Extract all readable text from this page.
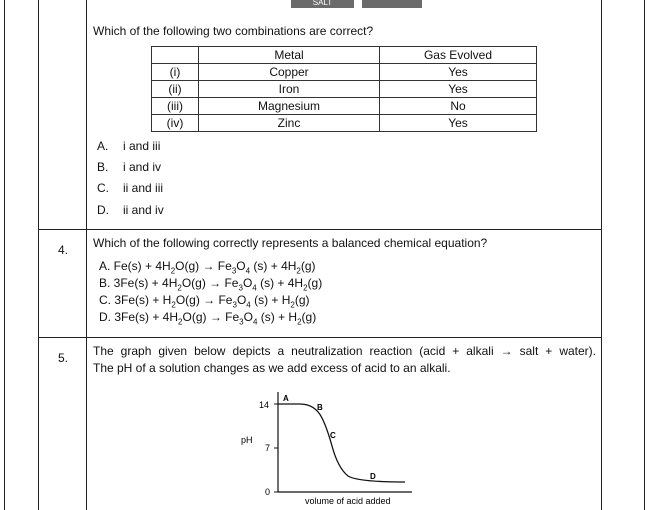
SALT
Which of the following two combinations are correct?
	Metal	Gas Evolved
(i)	Copper	Yes
(ii)	Iron	Yes
(iii)	Magnesium	No
(iv)	Zinc	Yes
A. i and iii
B. i and iv
C. ii and iii
D. ii and iv
4. Which of the following correctly represents a balanced chemical equation?
A. $Fe(s) + 4H_2O(g) \to Fe_3O_4$ $(s) + 4H_2(g)$
B. $3Fe(s) + 4H_2O(g) \to Fe_3O_4$ $(s) + 4H_2(g)$
C. $3Fe(s) + H_2O(g) \to Fe_3O_4$ $(s) + H_2(g)$
D. $3Fe(s) + 4H_2O(g) \to Fe_3O_4$ $(s) + H_2(g)$
5. The graph given below depicts a neutralization reaction (acid + alkali → salt + water).
The pH of a solution changes as we add excess of acid to an alkali.
14
7
0
pH
volume of acid added
A
B
C
D
